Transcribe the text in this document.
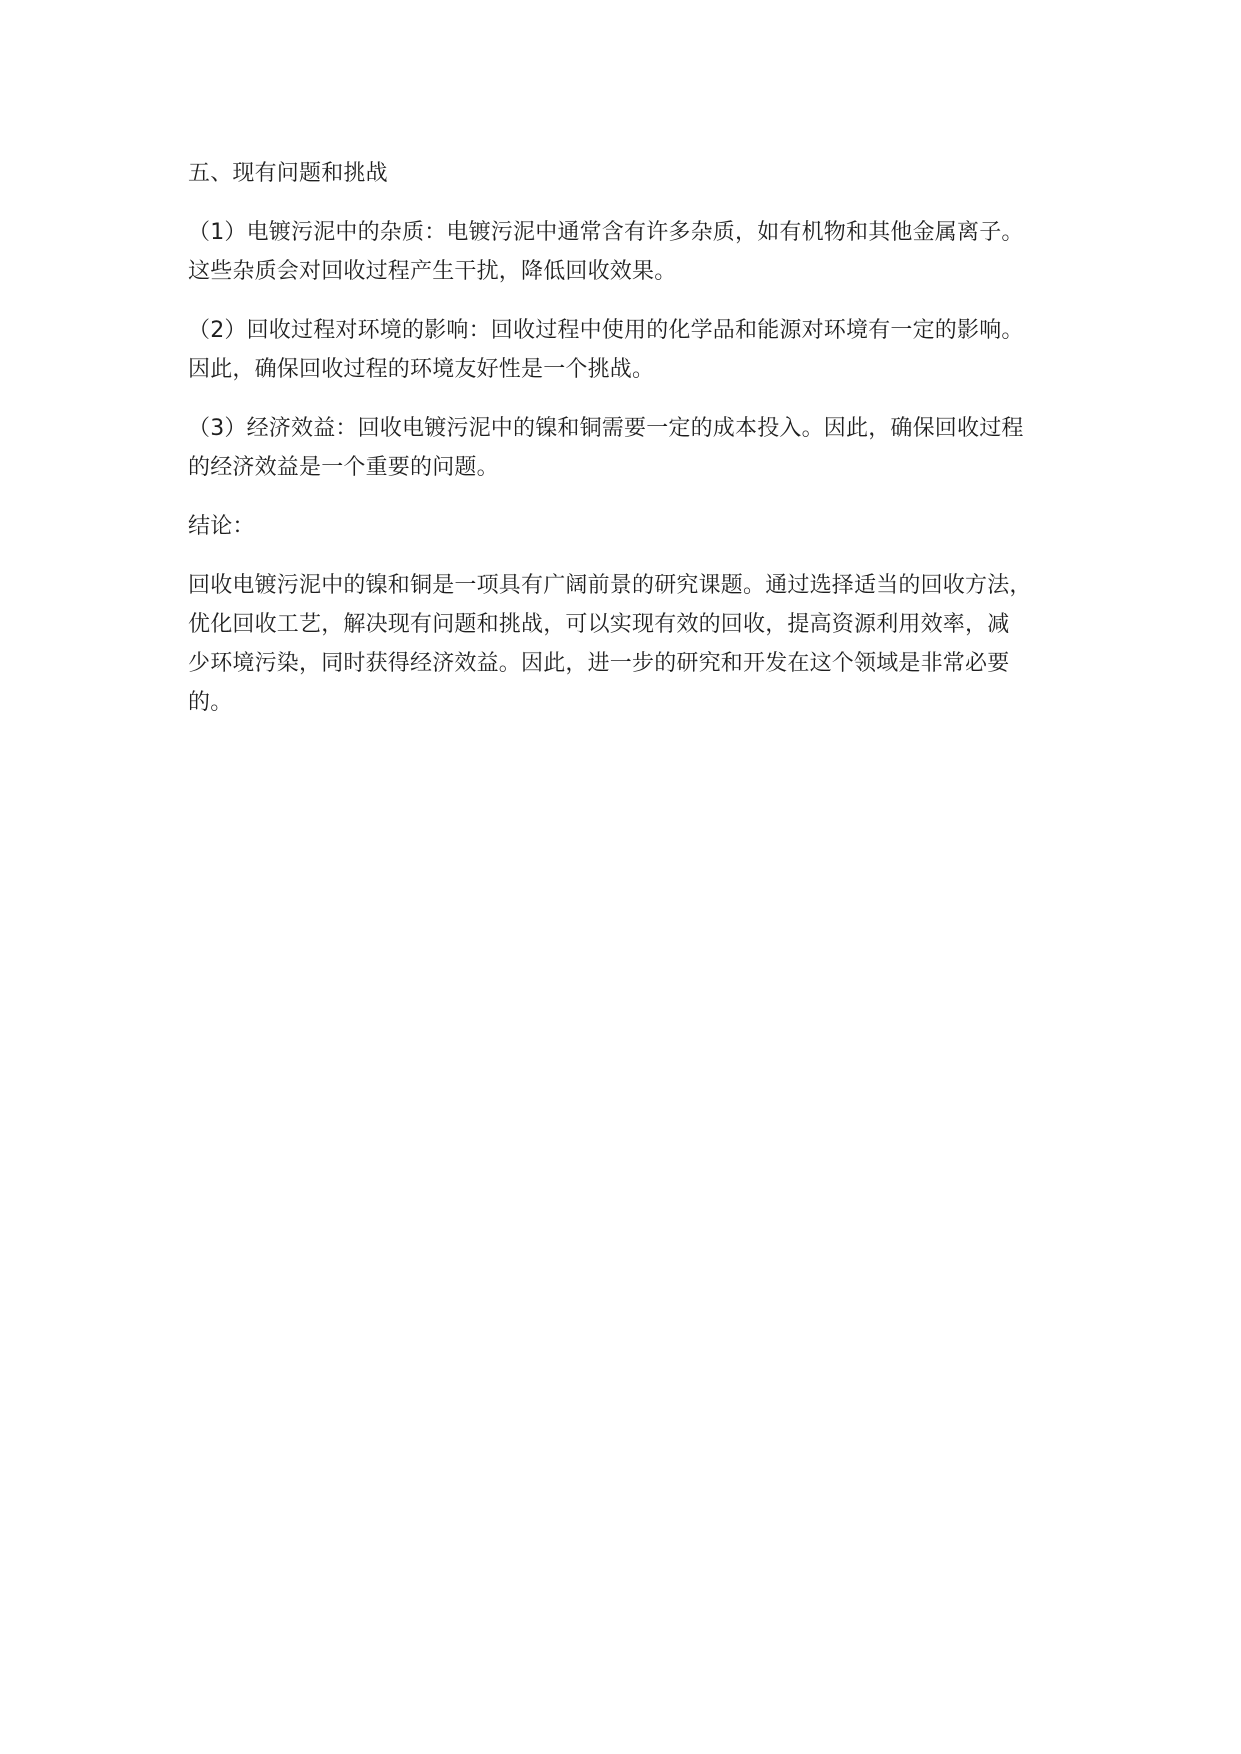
五、现有问题和挑战

（1）电镀污泥中的杂质：电镀污泥中通常含有许多杂质，如有机物和其他金属离子。
这些杂质会对回收过程产生干扰，降低回收效果。

（2）回收过程对环境的影响：回收过程中使用的化学品和能源对环境有一定的影响。
因此，确保回收过程的环境友好性是一个挑战。

（3）经济效益：回收电镀污泥中的镍和铜需要一定的成本投入。因此，确保回收过程
的经济效益是一个重要的问题。

结论：

回收电镀污泥中的镍和铜是一项具有广阔前景的研究课题。通过选择适当的回收方法，
优化回收工艺，解决现有问题和挑战，可以实现有效的回收，提高资源利用效率，减
少环境污染，同时获得经济效益。因此，进一步的研究和开发在这个领域是非常必要
的。
